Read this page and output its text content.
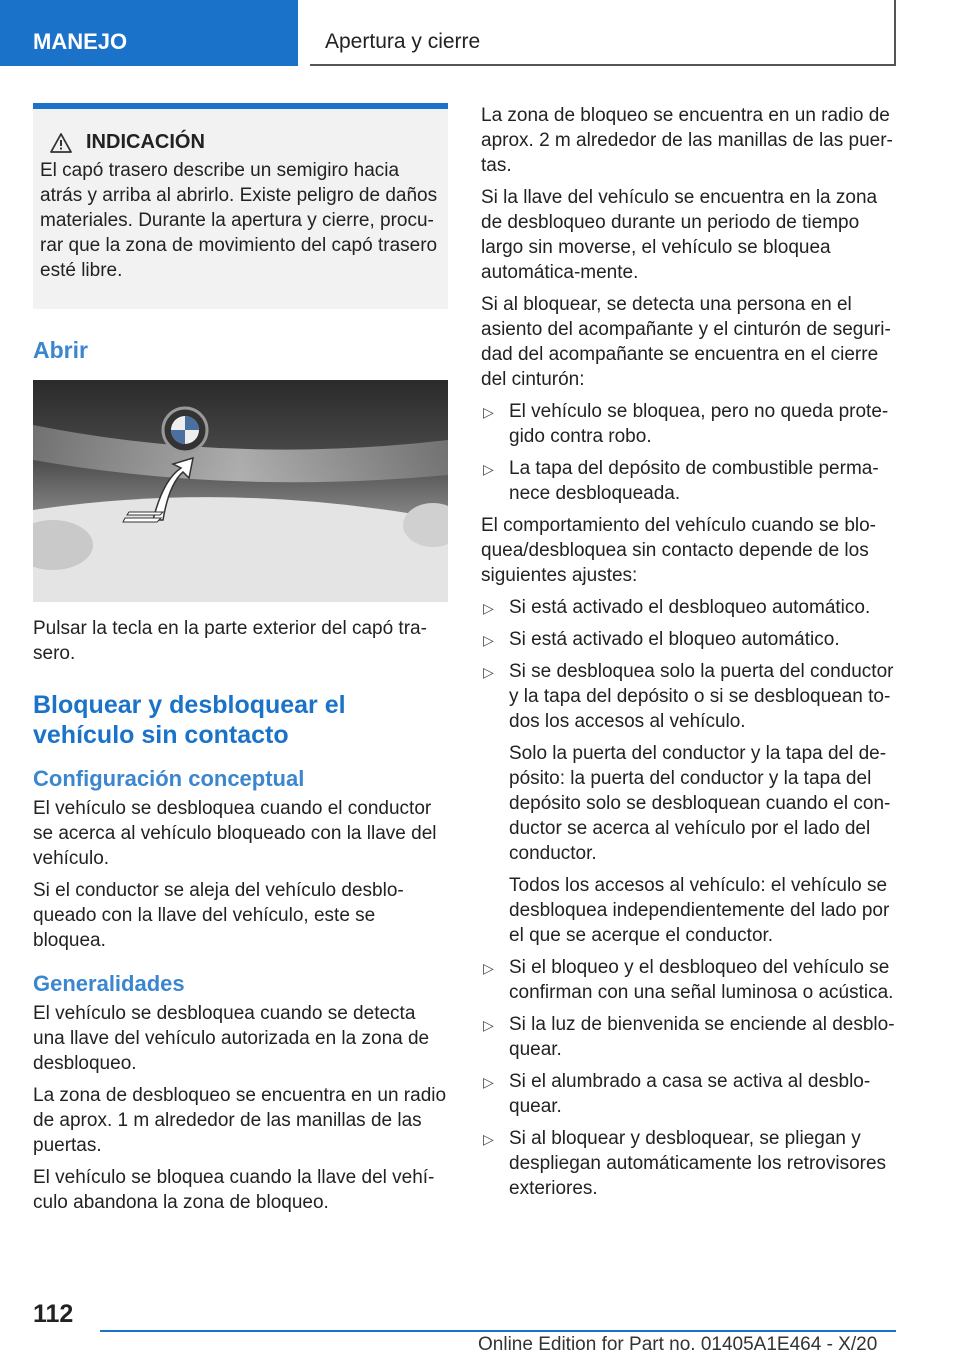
MANEJO	Apertura y cierre
INDICACIÓN

El capó trasero describe un semigiro hacia atrás y arriba al abrirlo. Existe peligro de daños materiales. Durante la apertura y cierre, procu-rar que la zona de movimiento del capó trasero esté libre.

Abrir

Pulsar la tecla en la parte exterior del capó tra-sero.

Bloquear y desbloquear el vehículo sin contacto
Configuración conceptual

El vehículo se desbloquea cuando el conductor se acerca al vehículo bloqueado con la llave del vehículo.

Si el conductor se aleja del vehículo desblo-queado con la llave del vehículo, este se bloquea.

Generalidades

El vehículo se desbloquea cuando se detecta una llave del vehículo autorizada en la zona de desbloqueo.

La zona de desbloqueo se encuentra en un radio de aprox. 1 m alrededor de las manillas de las puertas.

El vehículo se bloquea cuando la llave del vehí-culo abandona la zona de bloqueo.

La zona de bloqueo se encuentra en un radio de aprox. 2 m alrededor de las manillas de las puer-tas.

Si la llave del vehículo se encuentra en la zona de desbloqueo durante un periodo de tiempo largo sin moverse, el vehículo se bloquea automática-mente.

Si al bloquear, se detecta una persona en el asiento del acompañante y el cinturón de seguri-dad del acompañante se encuentra en el cierre del cinturón:

▷ El vehículo se bloquea, pero no queda prote-gido contra robo.
▷ La tapa del depósito de combustible perma-nece desbloqueada.

El comportamiento del vehículo cuando se blo-quea/desbloquea sin contacto depende de los siguientes ajustes:

▷ Si está activado el desbloqueo automático.
▷ Si está activado el bloqueo automático.
▷ Si se desbloquea solo la puerta del conductor y la tapa del depósito o si se desbloquean to-dos los accesos al vehículo.

Solo la puerta del conductor y la tapa del de-pósito: la puerta del conductor y la tapa del depósito solo se desbloquean cuando el con-ductor se acerca al vehículo por el lado del conductor.

Todos los accesos al vehículo: el vehículo se desbloquea independientemente del lado por el que se acerque el conductor.

▷ Si el bloqueo y el desbloqueo del vehículo se confirman con una señal luminosa o acústica.
▷ Si la luz de bienvenida se enciende al desblo-quear.
▷ Si el alumbrado a casa se activa al desblo-quear.
▷ Si al bloquear y desbloquear, se pliegan y despliegan automáticamente los retrovisores exteriores.
112
Online Edition for Part no. 01405A1E464 - X/20
